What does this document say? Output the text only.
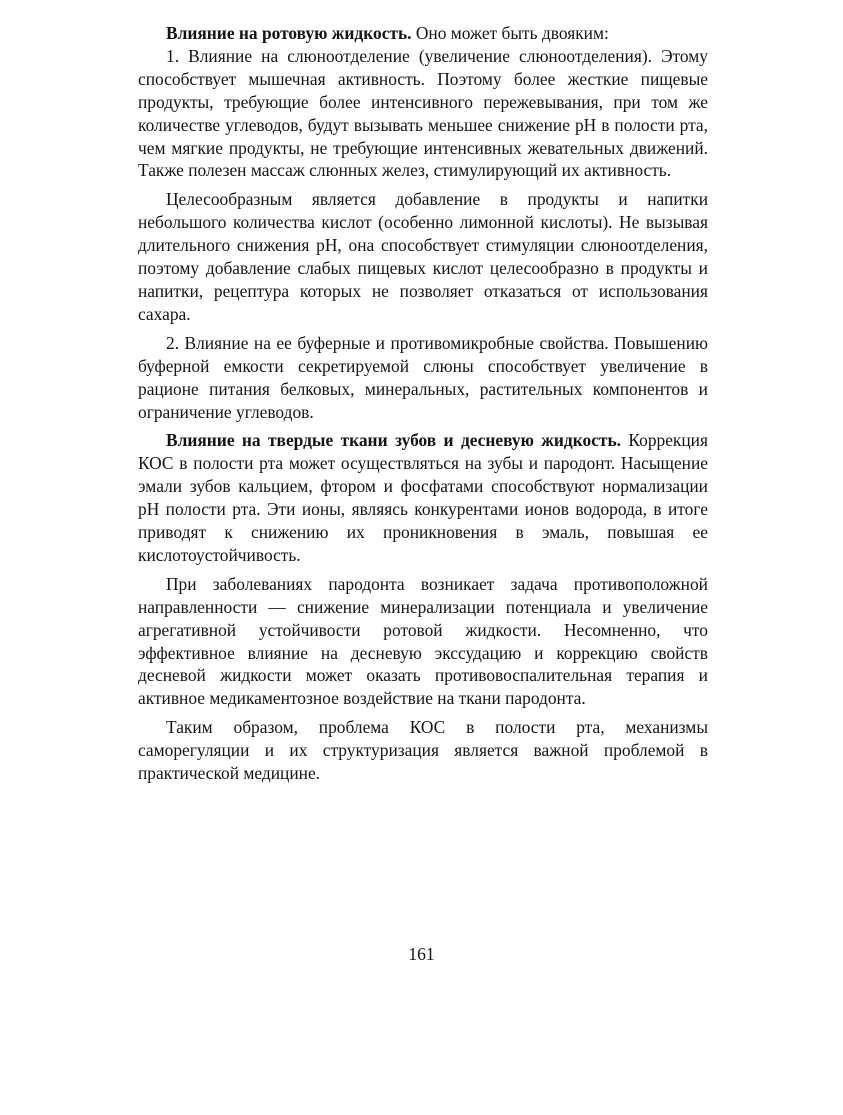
Влияние на ротовую жидкость. Оно может быть двояким:

1. Влияние на слюноотделение (увеличение слюноотделения). Этому способствует мышечная активность. Поэтому более жесткие пищевые продукты, требующие более интенсивного пережевывания, при том же количестве углеводов, будут вызывать меньшее снижение pH в полости рта, чем мягкие продукты, не требующие интенсивных жевательных движений. Также полезен массаж слюнных желез, стимулирующий их активность.

Целесообразным является добавление в продукты и напитки небольшого количества кислот (особенно лимонной кислоты). Не вызывая длительного снижения pH, она способствует стимуляции слюноотделения, поэтому добавление слабых пищевых кислот целесообразно в продукты и напитки, рецептура которых не позволяет отказаться от использования сахара.

2. Влияние на ее буферные и противомикробные свойства. Повышению буферной емкости секретируемой слюны способствует увеличение в рационе питания белковых, минеральных, растительных компонентов и ограничение углеводов.

Влияние на твердые ткани зубов и десневую жидкость. Коррекция КОС в полости рта может осуществляться на зубы и пародонт. Насыщение эмали зубов кальцием, фтором и фосфатами способствуют нормализации pH полости рта. Эти ионы, являясь конкурентами ионов водорода, в итоге приводят к снижению их проникновения в эмаль, повышая ее кислотоустойчивость.

При заболеваниях пародонта возникает задача противоположной направленности — снижение минерализации потенциала и увеличение агрегативной устойчивости ротовой жидкости. Несомненно, что эффективное влияние на десневую экссудацию и коррекцию свойств десневой жидкости может оказать противовоспалительная терапия и активное медикаментозное воздействие на ткани пародонта.

Таким образом, проблема КОС в полости рта, механизмы саморегуляции и их структуризация является важной проблемой в практической медицине.

161
